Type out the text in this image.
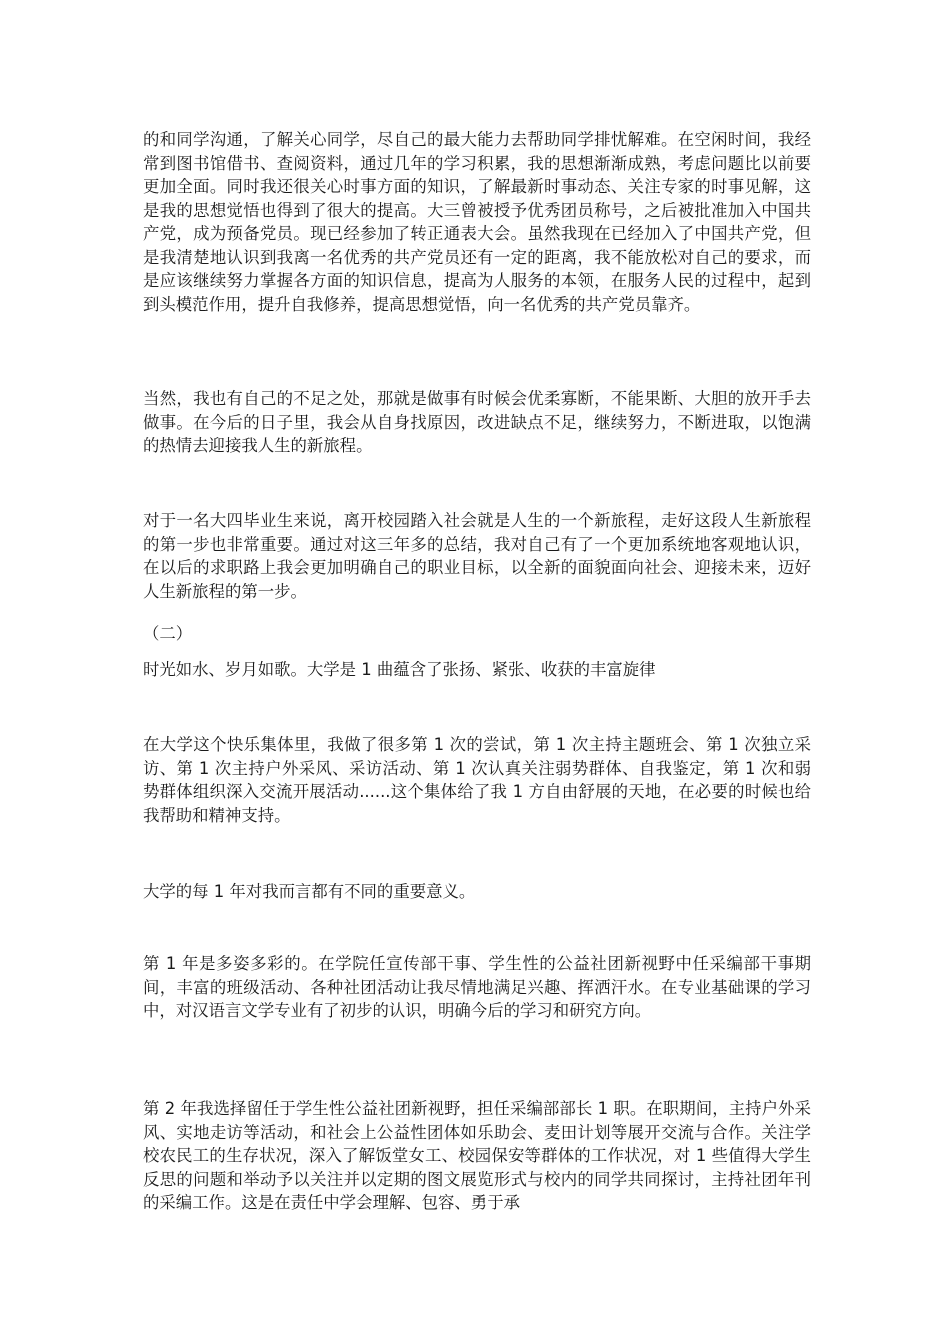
的和同学沟通，了解关心同学，尽自己的最大能力去帮助同学排忧解难。在空闲时间，我经常到图书馆借书、查阅资料，通过几年的学习积累，我的思想渐渐成熟，考虑问题比以前要更加全面。同时我还很关心时事方面的知识，了解最新时事动态、关注专家的时事见解，这是我的思想觉悟也得到了很大的提高。大三曾被授予优秀团员称号，之后被批准加入中国共产党，成为预备党员。现已经参加了转正通表大会。虽然我现在已经加入了中国共产党，但是我清楚地认识到我离一名优秀的共产党员还有一定的距离，我不能放松对自己的要求，而是应该继续努力掌握各方面的知识信息，提高为人服务的本领，在服务人民的过程中，起到到头模范作用，提升自我修养，提高思想觉悟，向一名优秀的共产党员靠齐。

当然，我也有自己的不足之处，那就是做事有时候会优柔寡断，不能果断、大胆的放开手去做事。在今后的日子里，我会从自身找原因，改进缺点不足，继续努力，不断进取，以饱满的热情去迎接我人生的新旅程。

对于一名大四毕业生来说，离开校园踏入社会就是人生的一个新旅程，走好这段人生新旅程的第一步也非常重要。通过对这三年多的总结，我对自己有了一个更加系统地客观地认识，在以后的求职路上我会更加明确自己的职业目标，以全新的面貌面向社会、迎接未来，迈好人生新旅程的第一步。

（二）

时光如水、岁月如歌。大学是 1 曲蕴含了张扬、紧张、收获的丰富旋律

在大学这个快乐集体里，我做了很多第 1 次的尝试，第 1 次主持主题班会、第 1 次独立采访、第 1 次主持户外采风、采访活动、第 1 次认真关注弱势群体、自我鉴定，第 1 次和弱势群体组织深入交流开展活动......这个集体给了我 1 方自由舒展的天地，在必要的时候也给我帮助和精神支持。

大学的每 1 年对我而言都有不同的重要意义。

第 1 年是多姿多彩的。在学院任宣传部干事、学生性的公益社团新视野中任采编部干事期间，丰富的班级活动、各种社团活动让我尽情地满足兴趣、挥洒汗水。在专业基础课的学习中，对汉语言文学专业有了初步的认识，明确今后的学习和研究方向。

第 2 年我选择留任于学生性公益社团新视野，担任采编部部长 1 职。在职期间，主持户外采风、实地走访等活动，和社会上公益性团体如乐助会、麦田计划等展开交流与合作。关注学校农民工的生存状况，深入了解饭堂女工、校园保安等群体的工作状况，对 1 些值得大学生反思的问题和举动予以关注并以定期的图文展览形式与校内的同学共同探讨，主持社团年刊的采编工作。这是在责任中学会理解、包容、勇于承
